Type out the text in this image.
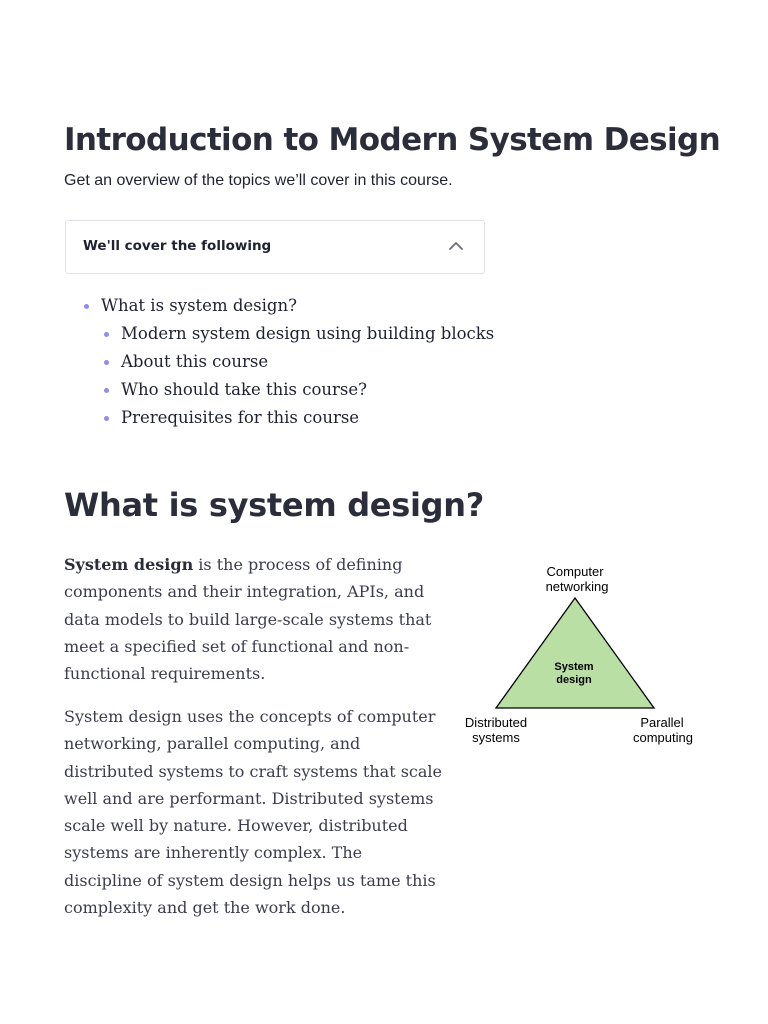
Introduction to Modern System Design

Get an overview of the topics we’ll cover in this course.

We'll cover the following
What is system design?
Modern system design using building blocks
About this course
Who should take this course?
Prerequisites for this course
What is system design?

System design is the process of defining components and their integration, APIs, and data models to build large-scale systems that meet a specified set of functional and non-functional requirements.

System design uses the concepts of computer networking, parallel computing, and distributed systems to craft systems that scale well and are performant. Distributed systems scale well by nature. However, distributed systems are inherently complex. The discipline of system design helps us tame this complexity and get the work done.

Computer
networking
System
design
Distributed
systems
Parallel
computing
